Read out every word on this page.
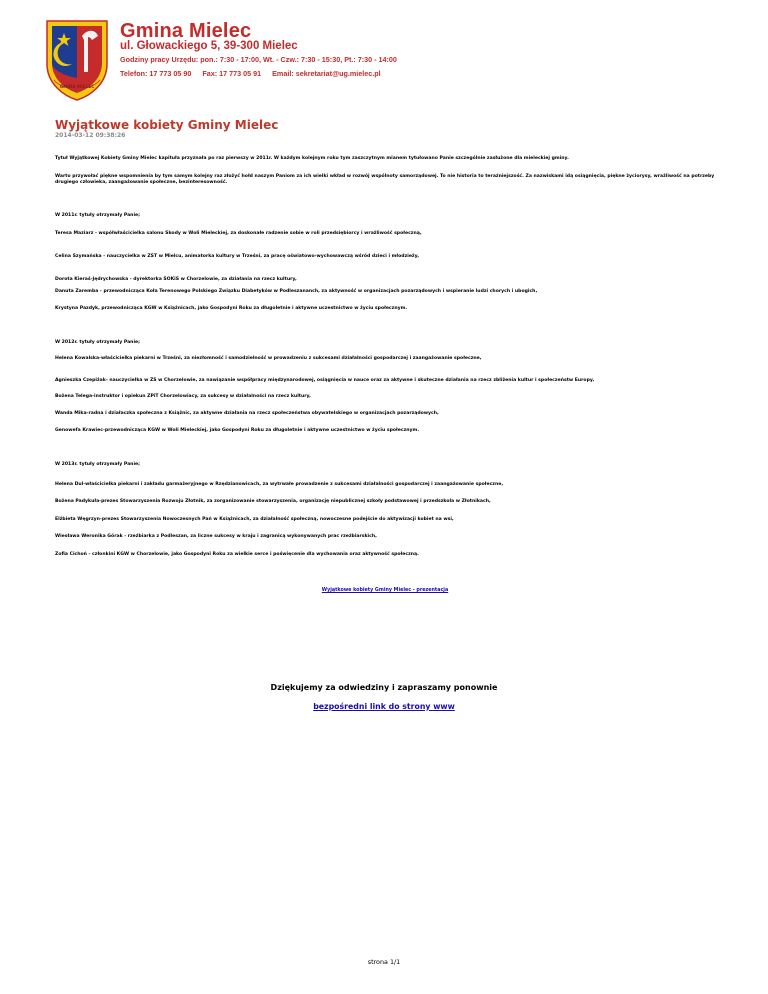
GMINA MIELEC
Gmina Mielec
ul. Głowackiego 5, 39-300 Mielec
Godziny pracy Urzędu: pon.: 7:30 - 17:00, Wt. - Czw.: 7:30 - 15:30, Pt.: 7:30 - 14:00
Telefon: 17 773 05 90 Fax: 17 773 05 91 Email: sekretariat@ug.mielec.pl
Wyjątkowe kobiety Gminy Mielec
2014-03-12 09:38:26

Tytuł Wyjątkowej Kobiety Gminy Mielec kapituła przyznała po raz pierwszy w 2011r. W każdym kolejnym roku tym zaszczytnym mianem tytułowano Panie szczególnie zasłużone dla mieleckiej gminy.

Warto przywołać piękne wspomnienia by tym samym kolejny raz złożyć hołd naszym Paniom za ich wielki wkład w rozwój wspólnoty samorządowej. To nie historia to teraźniejszość. Za nazwiskami idą osiągnięcia, piękne życiorysy, wrażliwość na potrzeby drugiego człowieka, zaangażowanie społeczne, bezinteresowność.

W 2011r. tytuły otrzymały Panie;

Teresa Maziarz - współwłaścicielka salonu Skody w Woli Mieleckiej, za doskonałe radzenie sobie w roli przedsiębiorcy i wrażliwość społeczną,

Celina Szymańska - nauczycielka w ZST w Mielcu, animatorka kultury w Trześni, za pracę oświatowo-wychowawczą wśród dzieci i młodzieży,

Dorota Kieraś-Jędrychowska - dyrektorka SOKiS w Chorzelowie, za działania na rzecz kultury,

Danuta Zaremba - przewodnicząca Koła Terenowego Polskiego Związku Diabetyków w Podleszananch, za aktywność w organizacjach pozarządowych i wspieranie ludzi chorych i ubogich,

Krystyna Pazdyk, przewodnicząca KGW w Książnicach, jako Gospodyni Roku za długoletnie i aktywne uczestnictwo w życiu społecznym.

W 2012r. tytuły otrzymały Panie;

Helena Kowalska-właścicielka piekarni w Trześni, za niezłomność i samodzielność w prowadzeniu z sukcesami działalności gospodarczej i zaangażowanie społeczne,

Agnieszka Czepiżak- nauczycielka w ZS w Chorzelowie, za nawiązanie współpracy międzynarodowej, osiągnięcia w nauce oraz za aktywne i skuteczne działania na rzecz zbliżenia kultur i społeczeństw Europy,

Bożena Telega-instruktor i opiekun ZPiT Chorzelowiacy, za sukcesy w działalności na rzecz kultury,

Wanda Mika-radna i działaczka społeczna z Książnic, za aktywne działania na rzecz społeczeństwa obywatelskiego w organizacjach pozarządowych,

Genowefa Krawiec-przewodnicząca KGW w Woli Mieleckiej, jako Gospodyni Roku za długoletnie i aktywne uczestnictwo w życiu społecznym.

W 2013r. tytuły otrzymały Panie;

Helena Dul-właścicielka piekarni i zakładu garmażeryjnego w Rzędzianowicach, za wytrwałe prowadzenie z sukcesami działalności gospodarczej i zaangażowanie społeczne,

Bożena Padykuła-prezes Stowarzyszenia Rozwoju Złotnik, za zorganizowanie stowarzyszenia, organizację niepublicznej szkoły podstawowej i przedszkola w Złotnikach,

Elżbieta Węgrzyn-prezes Stowarzyszenia Nowoczesnych Pań w Książnicach, za działalność społeczną, nowoczesne podejście do aktywizacji kobiet na wsi,

Wiesława Weronika Górak - rzeźbiarka z Podleszan, za liczne sukcesy w kraju i zagranicą wykonywanych prac rzeźbiarskich,

Zofia Cichoń - członkini KGW w Chorzelowie, jako Gospodyni Roku za wielkie serce i poświęcenie dla wychowania oraz aktywność społeczną.

Wyjątkowe kobiety Gminy Mielec - prezentacja
Dziękujemy za odwiedziny i zapraszamy ponownie
bezpośredni link do strony www
strona 1/1
